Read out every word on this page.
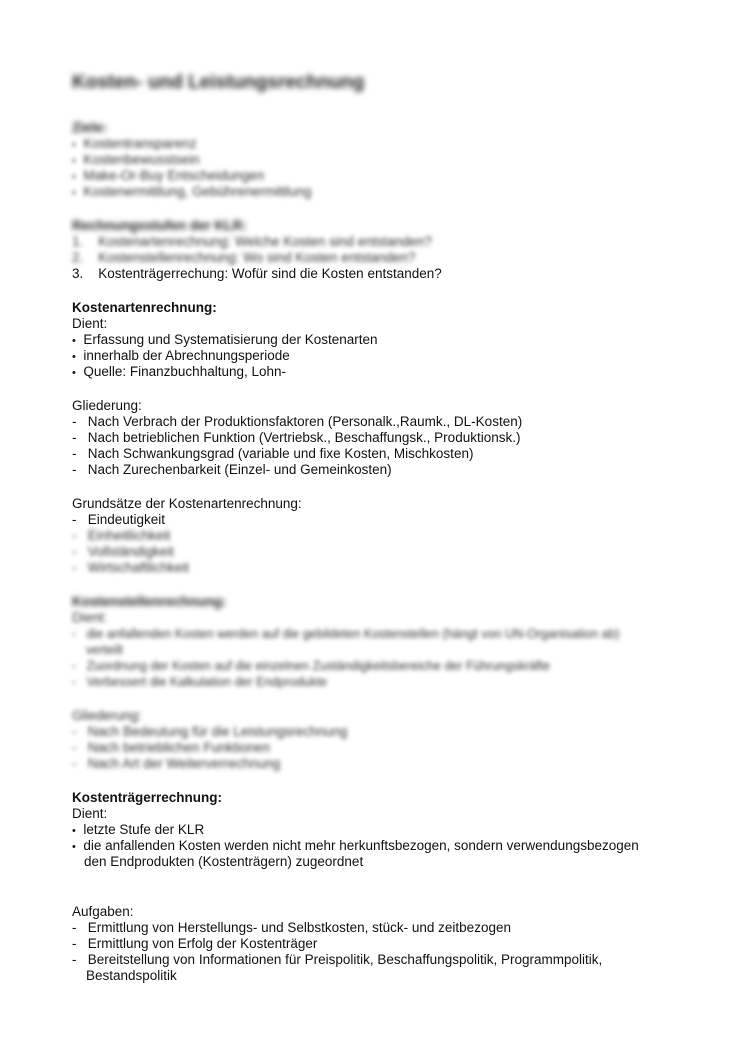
Kosten- und Leistungsrechnung
Ziele:
• Kostentransparenz
• Kostenbewusstsein
• Make-Or-Buy Entscheidungen
• Kostenermittlung, Gebührenermittlung
Rechnungsstufen der KLR:
1. Kostenartenrechnung: Welche Kosten sind entstanden?
2. Kostenstellenrechnung: Wo sind Kosten entstanden?
3. Kostenträgerrechung: Wofür sind die Kosten entstanden?
Kostenartenrechnung:
Dient:
• Erfassung und Systematisierung der Kostenarten
• innerhalb der Abrechnungsperiode
• Quelle: Finanzbuchhaltung, Lohn-
Gliederung:
-   Nach Verbrach der Produktionsfaktoren (Personalk.,Raumk., DL-Kosten)
-   Nach betrieblichen Funktion (Vertriebsk., Beschaffungsk., Produktionsk.)
-   Nach Schwankungsgrad (variable und fixe Kosten, Mischkosten)
-   Nach Zurechenbarkeit (Einzel- und Gemeinkosten)
Grundsätze der Kostenartenrechnung:
-   Eindeutigkeit
-   Einheitlichkeit
-   Vollständigkeit
-   Wirtschaftlichkeit
Kostenstellenrechnung:
Dient:
-   die anfallenden Kosten werden auf die gebildeten Kostenstellen (hängt von UN-Organisation ab)
verteilt
-   Zuordnung der Kosten auf die einzelnen Zuständigkeitsbereiche der Führungskräfte
-   Verbessert die Kalkulation der Endprodukte
Gliederung:
-   Nach Bedeutung für die Leistungsrechnung
-   Nach betrieblichen Funktionen
-   Nach Art der Weiterverrechnung
Kostenträgerrechnung:
Dient:
• letzte Stufe der KLR
• die anfallenden Kosten werden nicht mehr herkunftsbezogen, sondern verwendungsbezogen
den Endprodukten (Kostenträgern) zugeordnet
Aufgaben:
-   Ermittlung von Herstellungs- und Selbstkosten, stück- und zeitbezogen
-   Ermittlung von Erfolg der Kostenträger
-   Bereitstellung von Informationen für Preispolitik, Beschaffungspolitik, Programmpolitik,
Bestandspolitik
